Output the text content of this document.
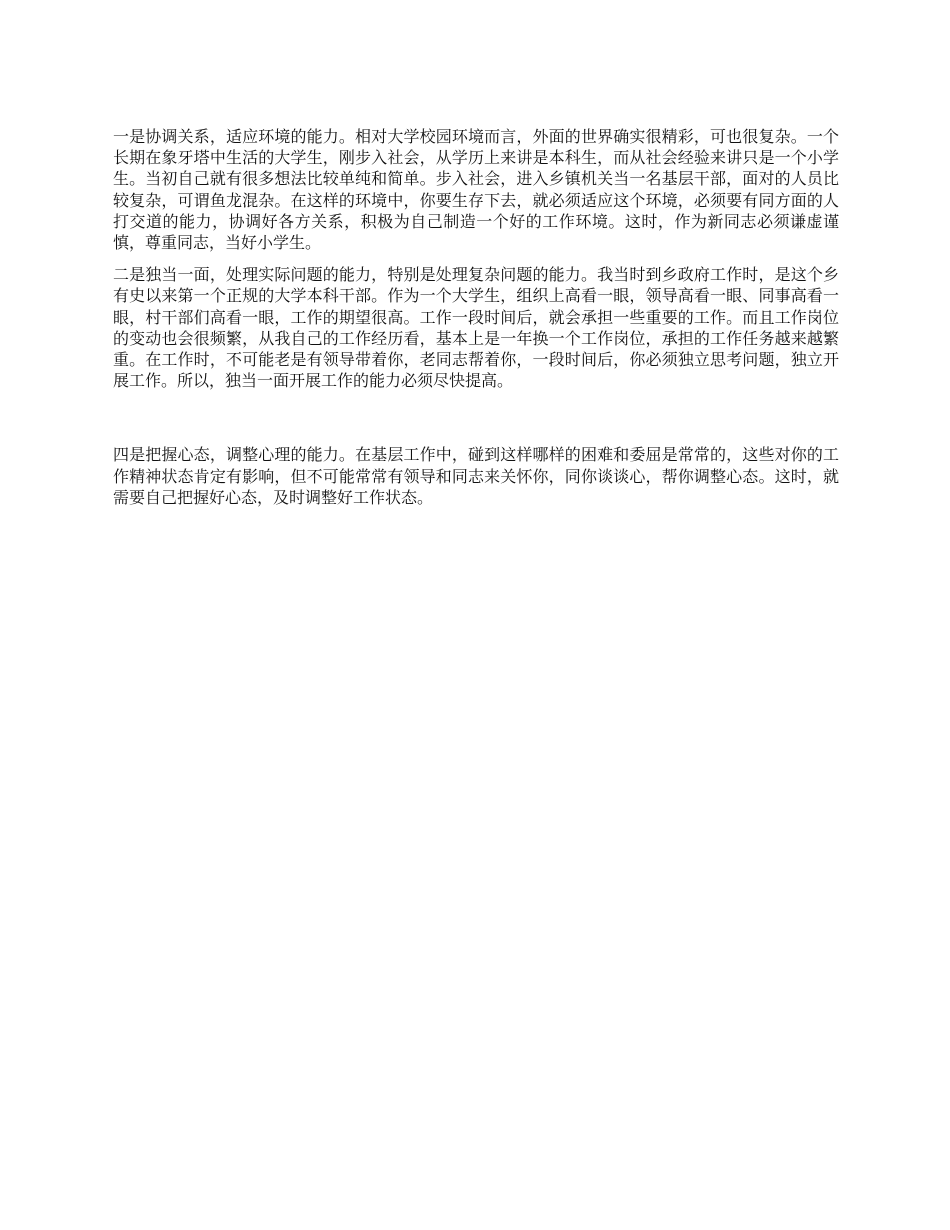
一是协调关系，适应环境的能力。相对大学校园环境而言，外面的世界确实很精彩，可也很复杂。一个长期在象牙塔中生活的大学生，刚步入社会，从学历上来讲是本科生，而从社会经验来讲只是一个小学生。当初自己就有很多想法比较单纯和简单。步入社会，进入乡镇机关当一名基层干部，面对的人员比较复杂，可谓鱼龙混杂。在这样的环境中，你要生存下去，就必须适应这个环境，必须要有同方面的人打交道的能力，协调好各方关系，积极为自己制造一个好的工作环境。这时，作为新同志必须谦虚谨慎，尊重同志，当好小学生。

二是独当一面，处理实际问题的能力，特别是处理复杂问题的能力。我当时到乡政府工作时，是这个乡有史以来第一个正规的大学本科干部。作为一个大学生，组织上高看一眼，领导高看一眼、同事高看一眼，村干部们高看一眼，工作的期望很高。工作一段时间后，就会承担一些重要的工作。而且工作岗位的变动也会很频繁，从我自己的工作经历看，基本上是一年换一个工作岗位，承担的工作任务越来越繁重。在工作时，不可能老是有领导带着你，老同志帮着你，一段时间后，你必须独立思考问题，独立开展工作。所以，独当一面开展工作的能力必须尽快提高。

四是把握心态，调整心理的能力。在基层工作中，碰到这样哪样的困难和委屈是常常的，这些对你的工作精神状态肯定有影响，但不可能常常有领导和同志来关怀你，同你谈谈心，帮你调整心态。这时，就需要自己把握好心态，及时调整好工作状态。
